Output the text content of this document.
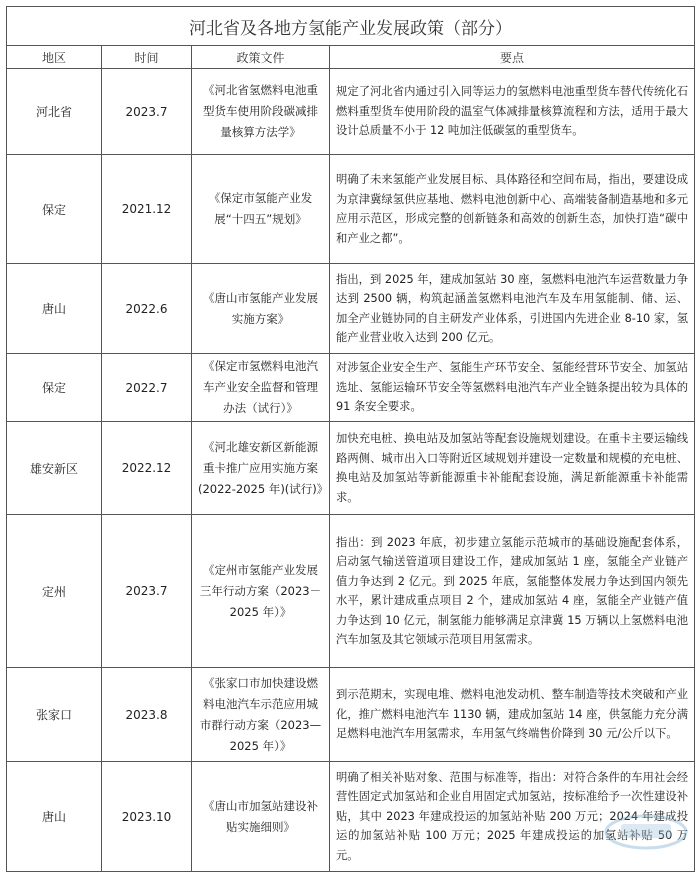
河北省及各地方氢能产业发展政策（部分）			
地区	时间	政策文件	要点
河北省	2023.7	《河北省氢燃料电池重型货车使用阶段碳减排量核算方法学》	规定了河北省内通过引入同等运力的氢燃料电池重型货车替代传统化石燃料重型货车使用阶段的温室气体减排量核算流程和方法，适用于最大设计总质量不小于 12 吨加注低碳氢的重型货车。
保定	2021.12	《保定市氢能产业发展“十四五”规划》	明确了未来氢能产业发展目标、具体路径和空间布局，指出，要建设成为京津冀绿氢供应基地、燃料电池创新中心、高端装备制造基地和多元应用示范区，形成完整的创新链条和高效的创新生态，加快打造“碳中和产业之都”。
唐山	2022.6	《唐山市氢能产业发展实施方案》	指出，到 2025 年，建成加氢站 30 座，氢燃料电池汽车运营数量力争达到 2500 辆，构筑起涵盖氢燃料电池汽车及车用氢能制、储、运、加全产业链协同的自主研发产业体系，引进国内先进企业 8-10 家，氢能产业营业收入达到 200 亿元。
保定	2022.7	《保定市氢燃料电池汽车产业安全监督和管理办法（试行）》	对涉氢企业安全生产、氢能生产环节安全、氢能经营环节安全、加氢站选址、氢能运输环节安全等氢燃料电池汽车产业全链条提出较为具体的 91 条安全要求。
雄安新区	2022.12	《河北雄安新区新能源重卡推广应用实施方案(2022-2025 年)(试行)》	加快充电桩、换电站及加氢站等配套设施规划建设。在重卡主要运输线路两侧、城市出入口等附近区域规划并建设一定数量和规模的充电桩、换电站及加氢站等新能源重卡补能配套设施，满足新能源重卡补能需求。
定州	2023.7	《定州市氢能产业发展三年行动方案（2023－2025 年）》	指出：到 2023 年底，初步建立氢能示范城市的基础设施配套体系，启动氢气输送管道项目建设工作，建成加氢站 1 座，氢能全产业链产值力争达到 2 亿元。到 2025 年底，氢能整体发展力争达到国内领先水平，累计建成重点项目 2 个，建成加氢站 4 座，氢能全产业链产值力争达到 10 亿元，制氢能力能够满足京津冀 15 万辆以上氢燃料电池汽车加氢及其它领域示范项目用氢需求。
张家口	2023.8	《张家口市加快建设燃料电池汽车示范应用城市群行动方案（2023—2025 年）》	到示范期末，实现电堆、燃料电池发动机、整车制造等技术突破和产业化，推广燃料电池汽车 1130 辆，建成加氢站 14 座，供氢能力充分满足燃料电池汽车用氢需求，车用氢气终端售价降到 30 元/公斤以下。
唐山	2023.10	《唐山市加氢站建设补贴实施细则》	明确了相关补贴对象、范围与标准等，指出：对符合条件的车用社会经营性固定式加氢站和企业自用固定式加氢站，按标准给予一次性建设补贴，其中 2023 年建成投运的加氢站补贴 200 万元；2024 年建成投运的加氢站补贴 100 万元；2025 年建成投运的加氢站补贴 50 万元。
